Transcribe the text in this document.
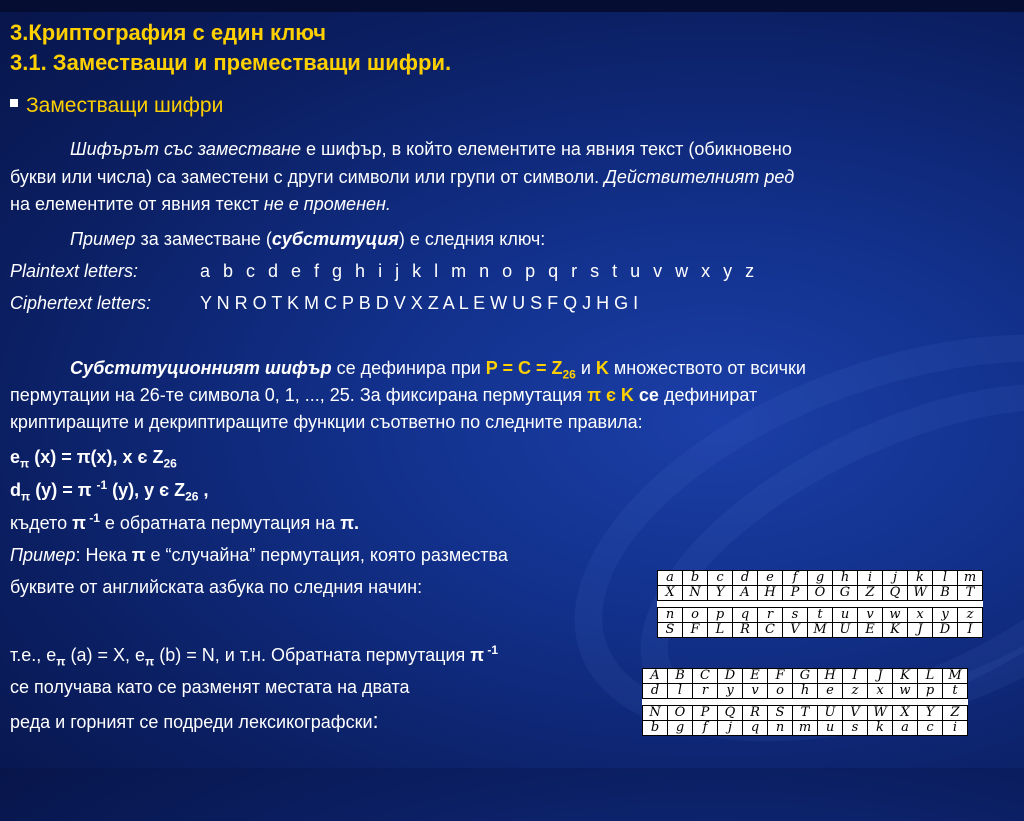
3.Криптография с един ключ
3.1. Заместващи и преместващи шифри.
Заместващи шифри
Шифърът със заместване е шифър, в който елементите на явния текст (обикновено
букви или числа) са заместени с други символи или групи от символи. Действителният ред
на елементите от явния текст не е променен.
Пример за заместване (субституция) е следния ключ:
Plaintext letters:	a b c d e f g h i j k l m n o p q r s t u v w x y z
Ciphertext letters:	Y N R O T K M C P B D V X Z A L E W U S F Q J H G I
Субституционният шифър се дефинира при $P = C = Z_{26}$ и K множеството от всички
пермутации на 26-те символа 0, 1, ..., 25. За фиксирана пермутация π є K се дефинират
криптиращите и декриптиращите функции съответно по следните правила:
$e_\pi$ (x) = π(x), x є $Z_{26}$
$d_\pi$ (y) = π $^{-1}$ (y), y є $Z_{26}$ ,
където π $^{-1}$ е обратната пермутация на π.
Пример: Нека π е “случайна” пермутация, която размества
буквите от английската азбука по следния начин:
т.е., $e_\pi$ (a) = X, $e_\pi$ (b) = N, и т.н. Обратната пермутация π $^{-1}$
се получава като се разменят местата на двата
реда и горният се подреди лексикографски:
a	b	c	d	e	f	g	h	i	j	k	l	m
X	N	Y	A	H	P	O	G	Z	Q	W	B	T

n	o	p	q	r	s	t	u	v	w	x	y	z
S	F	L	R	C	V	M	U	E	K	J	D	I
A	B	C	D	E	F	G	H	I	J	K	L	M
d	l	r	y	v	o	h	e	z	x	w	p	t

N	O	P	Q	R	S	T	U	V	W	X	Y	Z
b	g	f	j	q	n	m	u	s	k	a	c	i
